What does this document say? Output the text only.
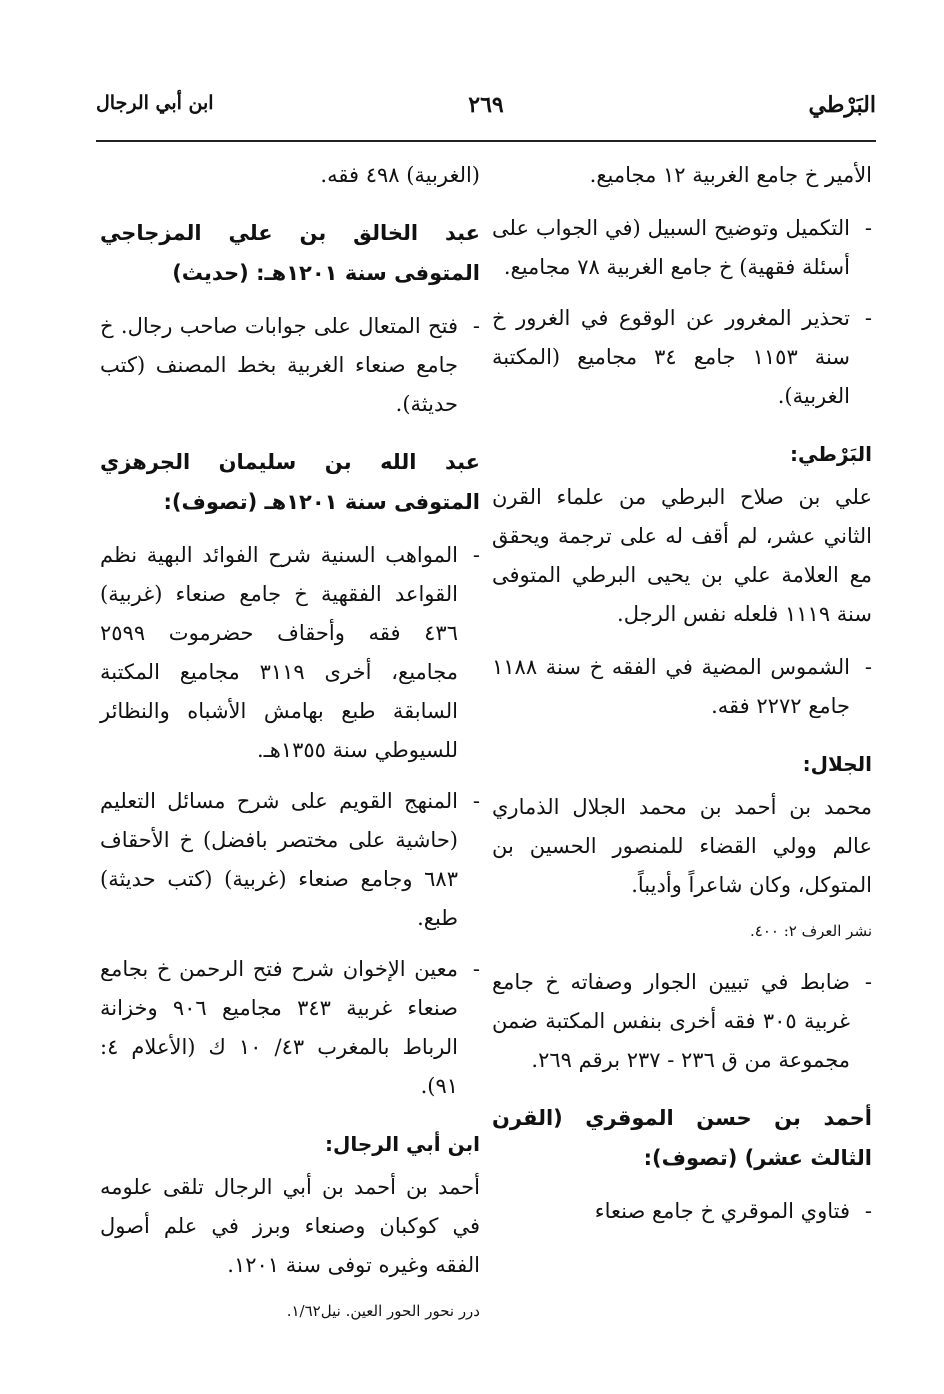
البَرْطي
٢٦٩
ابن أبي الرجال
الأمير خ جامع الغربية ١٢ مجاميع.
-
التكميل وتوضيح السبيل (في الجواب على أسئلة فقهية) خ جامع الغربية ٧٨ مجاميع.
-
تحذير المغرور عن الوقوع في الغرور خ سنة ١١٥٣ جامع ٣٤ مجاميع (المكتبة الغربية).
البَرْطي:
علي بن صلاح البرطي من علماء القرن الثاني عشر، لم أقف له على ترجمة ويحقق مع العلامة علي بن يحيى البرطي المتوفى سنة ١١١٩ فلعله نفس الرجل.
-
الشموس المضية في الفقه خ سنة ١١٨٨ جامع ٢٢٧٢ فقه.
الجلال:
محمد بن أحمد بن محمد الجلال الذماري عالم وولي القضاء للمنصور الحسين بن المتوكل، وكان شاعراً وأديباً.
نشر العرف ٢: ٤٠٠.
-
ضابط في تبيين الجوار وصفاته خ جامع غربية ٣٠٥ فقه أخرى بنفس المكتبة ضمن مجموعة من ق ٢٣٦ - ٢٣٧ برقم ٢٦٩.
أحمد بن حسن الموقري (القرن الثالث عشر) (تصوف):
-
فتاوي الموقري خ جامع صنعاء
(الغربية) ٤٩٨ فقه.
عبد الخالق بن علي المزجاجي المتوفى سنة ١٢٠١هـ: (حديث)
-
فتح المتعال على جوابات صاحب رجال. خ جامع صنعاء الغربية بخط المصنف (كتب حديثة).
عبد الله بن سليمان الجرهزي المتوفى سنة ١٢٠١هـ (تصوف):
-
المواهب السنية شرح الفوائد البهية نظم القواعد الفقهية خ جامع صنعاء (غربية) ٤٣٦ فقه وأحقاف حضرموت ٢٥٩٩ مجاميع، أخرى ٣١١٩ مجاميع المكتبة السابقة طبع بهامش الأشباه والنظائر للسيوطي سنة ١٣٥٥هـ.
-
المنهج القويم على شرح مسائل التعليم (حاشية على مختصر بافضل) خ الأحقاف ٦٨٣ وجامع صنعاء (غربية) (كتب حديثة) طبع.
-
معين الإخوان شرح فتح الرحمن خ بجامع صنعاء غربية ٣٤٣ مجاميع ٩٠٦ وخزانة الرباط بالمغرب ٤٣/ ١٠ ك (الأعلام ٤: ٩١).
ابن أبي الرجال:
أحمد بن أحمد بن أبي الرجال تلقى علومه في كوكبان وصنعاء وبرز في علم أصول الفقه وغيره توفى سنة ١٢٠١.
درر نحور الحور العين. نيل١/٦٢.
